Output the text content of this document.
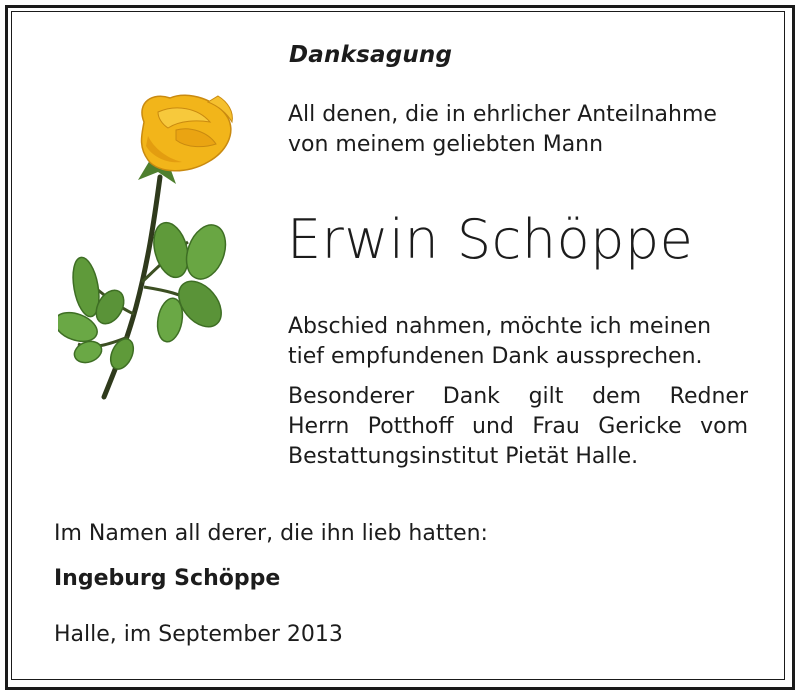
Danksagung
All denen, die in ehrlicher Anteilnahme
von meinem geliebten Mann
Erwin Schöppe
Abschied nahmen, möchte ich meinen
tief empfundenen Dank aussprechen.
Besonderer Dank gilt dem Redner
Herrn Potthoff und Frau Gericke vom
Bestattungsinstitut Pietät Halle.
Im Namen all derer, die ihn lieb hatten:
Ingeburg Schöppe
Halle, im September 2013
